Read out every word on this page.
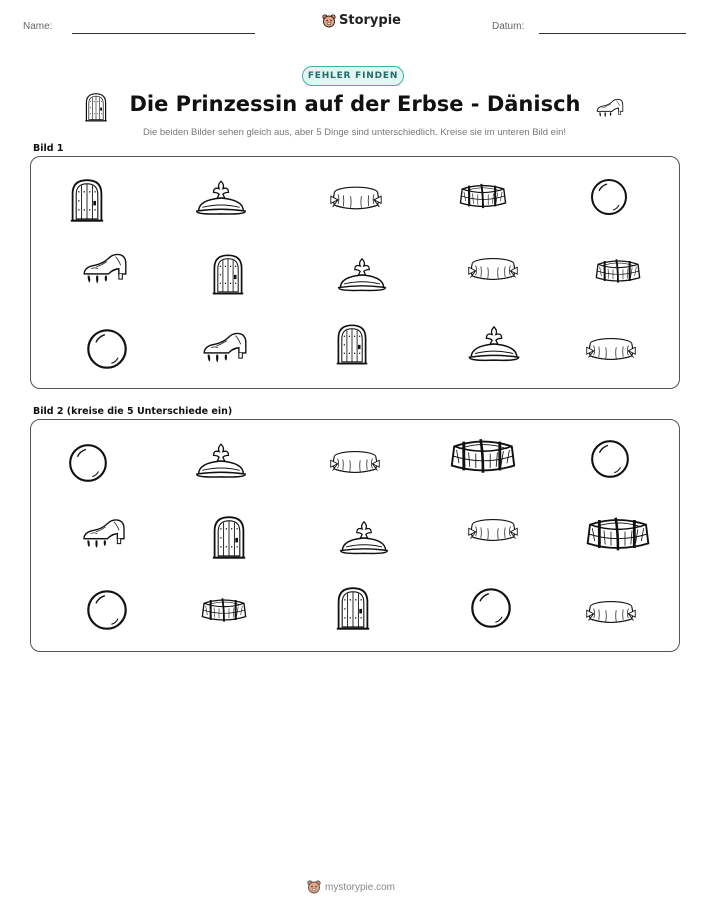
Name:	Storypie	Datum:
FEHLER FINDEN
Die Prinzessin auf der Erbse - Dänisch
Die beiden Bilder sehen gleich aus, aber 5 Dinge sind unterschiedlich. Kreise sie im unteren Bild ein!
Bild 1
Bild 2 (kreise die 5 Unterschiede ein)
mystorypie.com
